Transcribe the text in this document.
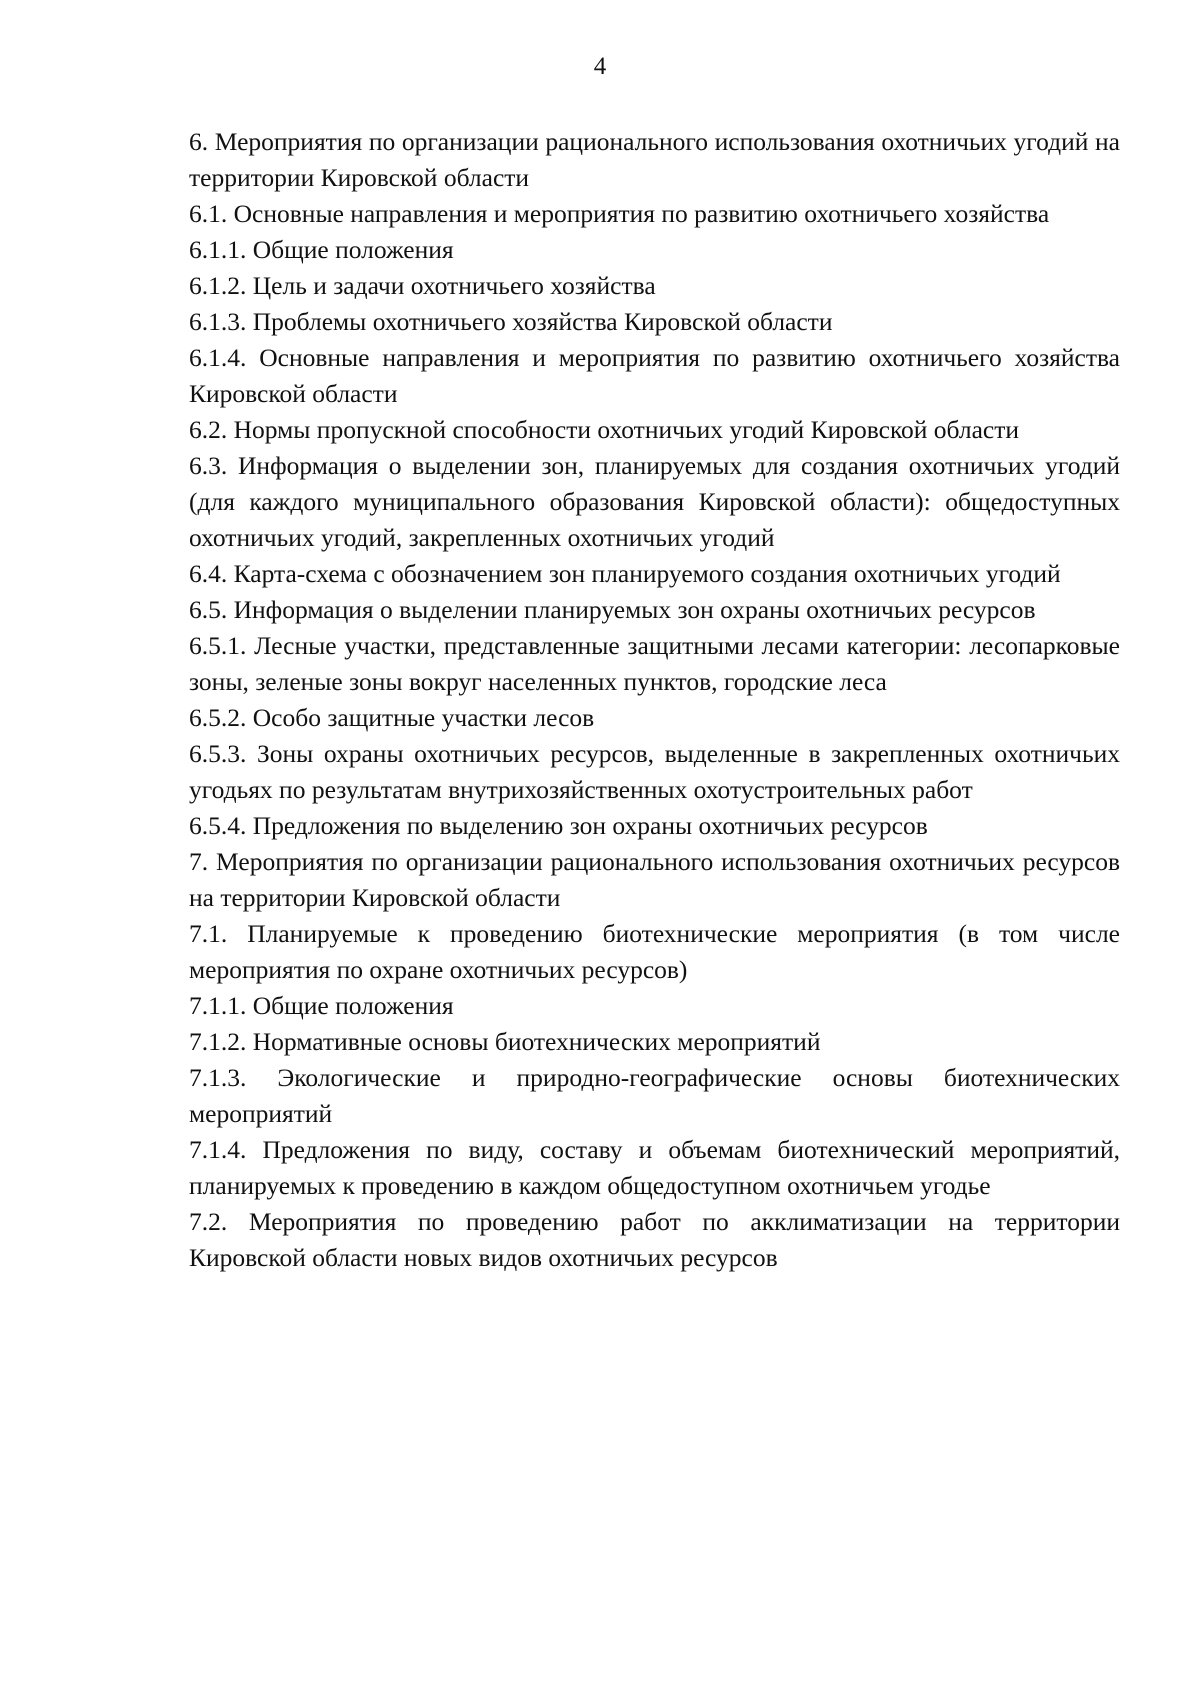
4

6. Мероприятия по организации рационального использования охотничьих угодий на территории Кировской области

6.1. Основные направления и мероприятия по развитию охотничьего хозяйства

6.1.1. Общие положения

6.1.2. Цель и задачи охотничьего хозяйства

6.1.3. Проблемы охотничьего хозяйства Кировской области

6.1.4. Основные направления и мероприятия по развитию охотничьего хозяйства Кировской области

6.2. Нормы пропускной способности охотничьих угодий Кировской области

6.3. Информация о выделении зон, планируемых для создания охотничьих угодий (для каждого муниципального образования Кировской области): общедоступных охотничьих угодий, закрепленных охотничьих угодий

6.4. Карта-схема с обозначением зон планируемого создания охотничьих угодий

6.5. Информация о выделении планируемых зон охраны охотничьих ресурсов

6.5.1. Лесные участки, представленные защитными лесами категории: лесопарковые зоны, зеленые зоны вокруг населенных пунктов, городские леса

6.5.2. Особо защитные участки лесов

6.5.3. Зоны охраны охотничьих ресурсов, выделенные в закрепленных охотничьих угодьях по результатам внутрихозяйственных охотустроительных работ

6.5.4. Предложения по выделению зон охраны охотничьих ресурсов

7. Мероприятия по организации рационального использования охотничьих ресурсов на территории Кировской области

7.1. Планируемые к проведению биотехнические мероприятия (в том числе мероприятия по охране охотничьих ресурсов)

7.1.1. Общие положения

7.1.2. Нормативные основы биотехнических мероприятий

7.1.3. Экологические и природно-географические основы биотехнических мероприятий

7.1.4. Предложения по виду, составу и объемам биотехнический мероприятий, планируемых к проведению в каждом общедоступном охотничьем угодье

7.2. Мероприятия по проведению работ по акклиматизации на территории Кировской области новых видов охотничьих ресурсов
